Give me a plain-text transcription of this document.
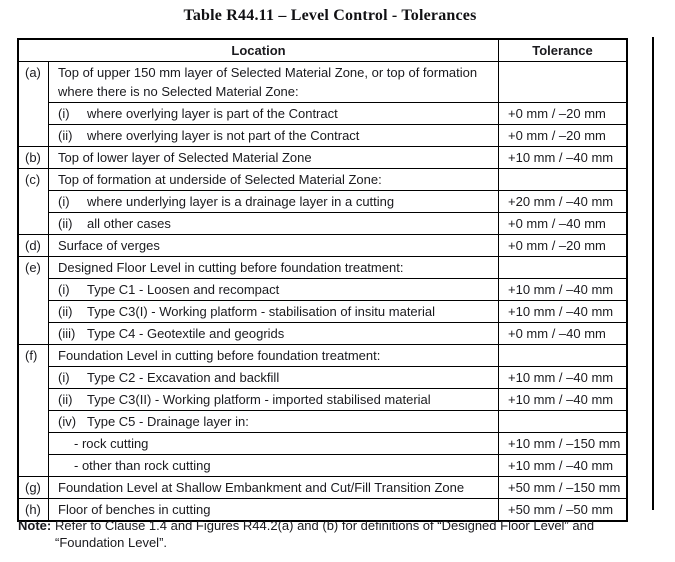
Table R44.11 – Level Control - Tolerances
Location	Tolerance
(a)	Top of upper 150 mm layer of Selected Material Zone, or top of formation where there is no Selected Material Zone:
(i)	where overlying layer is part of the Contract	+0 mm / –20 mm
(ii)	where overlying layer is not part of the Contract	+0 mm / –20 mm
(b)	Top of lower layer of Selected Material Zone	+10 mm / –40 mm
(c)	Top of formation at underside of Selected Material Zone:
(i)	where underlying layer is a drainage layer in a cutting	+20 mm / –40 mm
(ii)	all other cases	+0 mm / –40 mm
(d)	Surface of verges	+0 mm / –20 mm
(e)	Designed Floor Level in cutting before foundation treatment:
(i)	Type C1 - Loosen and recompact	+10 mm / –40 mm
(ii)	Type C3(I) - Working platform - stabilisation of insitu material	+10 mm / –40 mm
(iii) Type C4 - Geotextile and geogrids	+0 mm / –40 mm
(f)	Foundation Level in cutting before foundation treatment:
(i)	Type C2 - Excavation and backfill	+10 mm / –40 mm
(ii)	Type C3(II) - Working platform - imported stabilised material	+10 mm / –40 mm
(iv) Type C5 - Drainage layer in:
- rock cutting	+10 mm / –150 mm
- other than rock cutting	+10 mm / –40 mm
(g)	Foundation Level at Shallow Embankment and Cut/Fill Transition Zone	+50 mm / –150 mm
(h)	Floor of benches in cutting	+50 mm / –50 mm
Note: Refer to Clause 1.4 and Figures R44.2(a) and (b) for definitions of “Designed Floor Level” and “Foundation Level”.
